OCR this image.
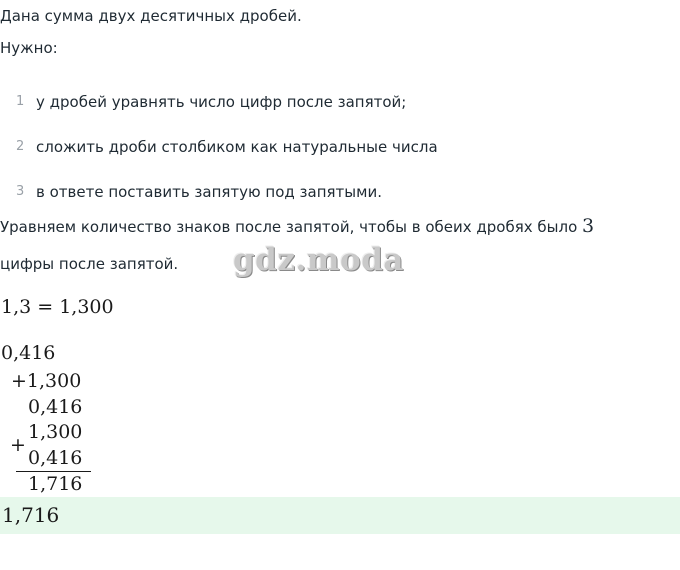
Дана сумма двух десятичных дробей.
Нужно:
1 у дробей уравнять число цифр после запятой;
2 сложить дроби столбиком как натуральные числа
3 в ответе поставить запятую под запятыми.
Уравняем количество знаков после запятой, чтобы в обеих дробях было 3
цифры после запятой. gdz.moda
1,3 = 1,300
0,416
+1,300
0,416
1,300
+
0,416
1,716
1,716
